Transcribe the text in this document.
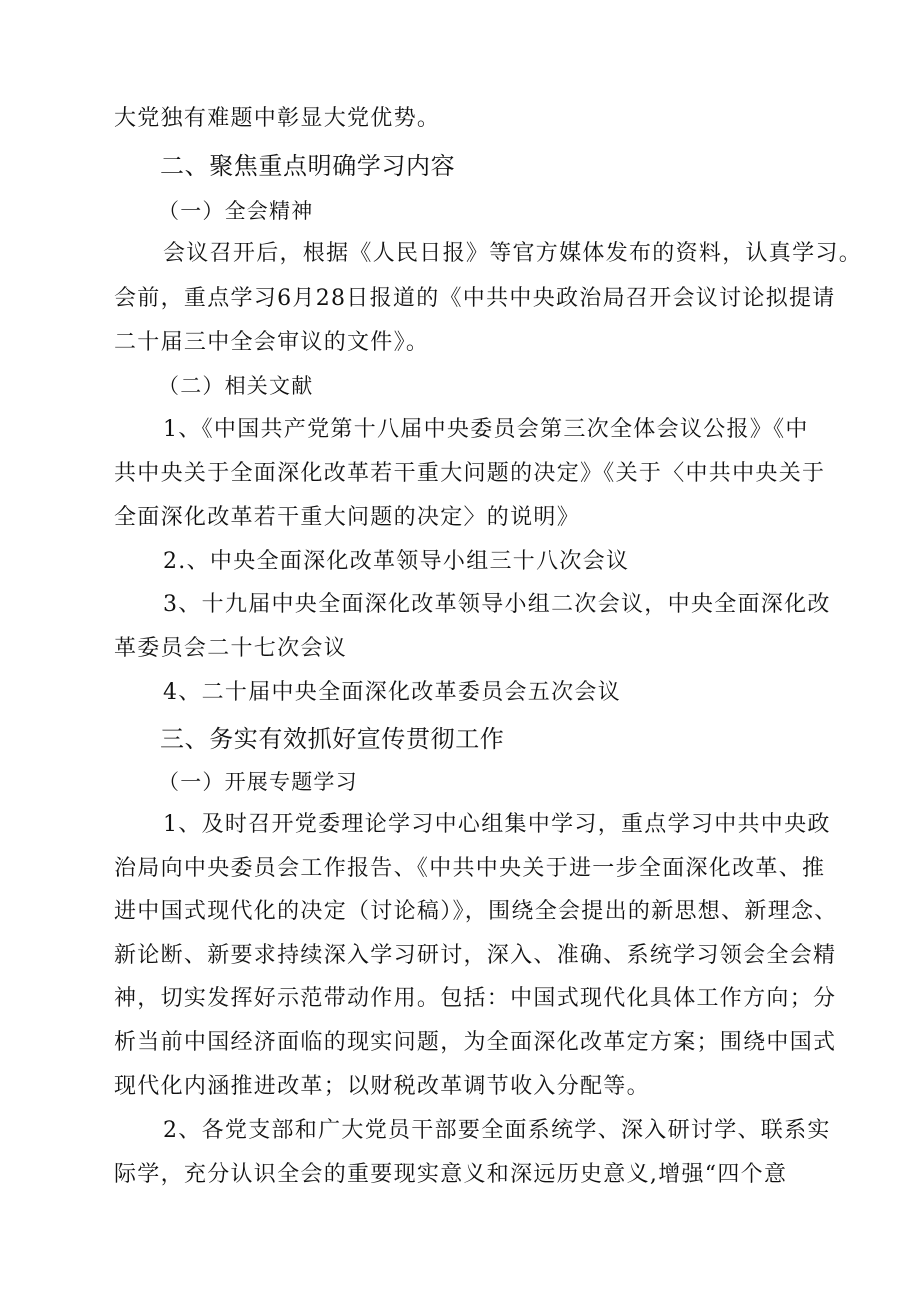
大党独有难题中彰显大党优势。
二、聚焦重点明确学习内容
（一）全会精神
会议召开后，根据《人民日报》等官方媒体发布的资料，认真学习。
会前，重点学习6月28日报道的《中共中央政治局召开会议讨论拟提请
二十届三中全会审议的文件》。
（二）相关文献
1、《中国共产党第十八届中央委员会第三次全体会议公报》《中
共中央关于全面深化改革若干重大问题的决定》《关于〈中共中央关于
全面深化改革若干重大问题的决定〉的说明》
2.、中央全面深化改革领导小组三十八次会议
3、十九届中央全面深化改革领导小组二次会议，中央全面深化改
革委员会二十七次会议
4、二十届中央全面深化改革委员会五次会议
三、务实有效抓好宣传贯彻工作
（一）开展专题学习
1、及时召开党委理论学习中心组集中学习，重点学习中共中央政
治局向中央委员会工作报告、《中共中央关于进一步全面深化改革、推
进中国式现代化的决定（讨论稿）》，围绕全会提出的新思想、新理念、
新论断、新要求持续深入学习研讨，深入、准确、系统学习领会全会精
神，切实发挥好示范带动作用。包括：中国式现代化具体工作方向；分
析当前中国经济面临的现实问题，为全面深化改革定方案；围绕中国式
现代化内涵推进改革；以财税改革调节收入分配等。
2、各党支部和广大党员干部要全面系统学、深入研讨学、联系实
际学，充分认识全会的重要现实意义和深远历史意义,增强“四个意
